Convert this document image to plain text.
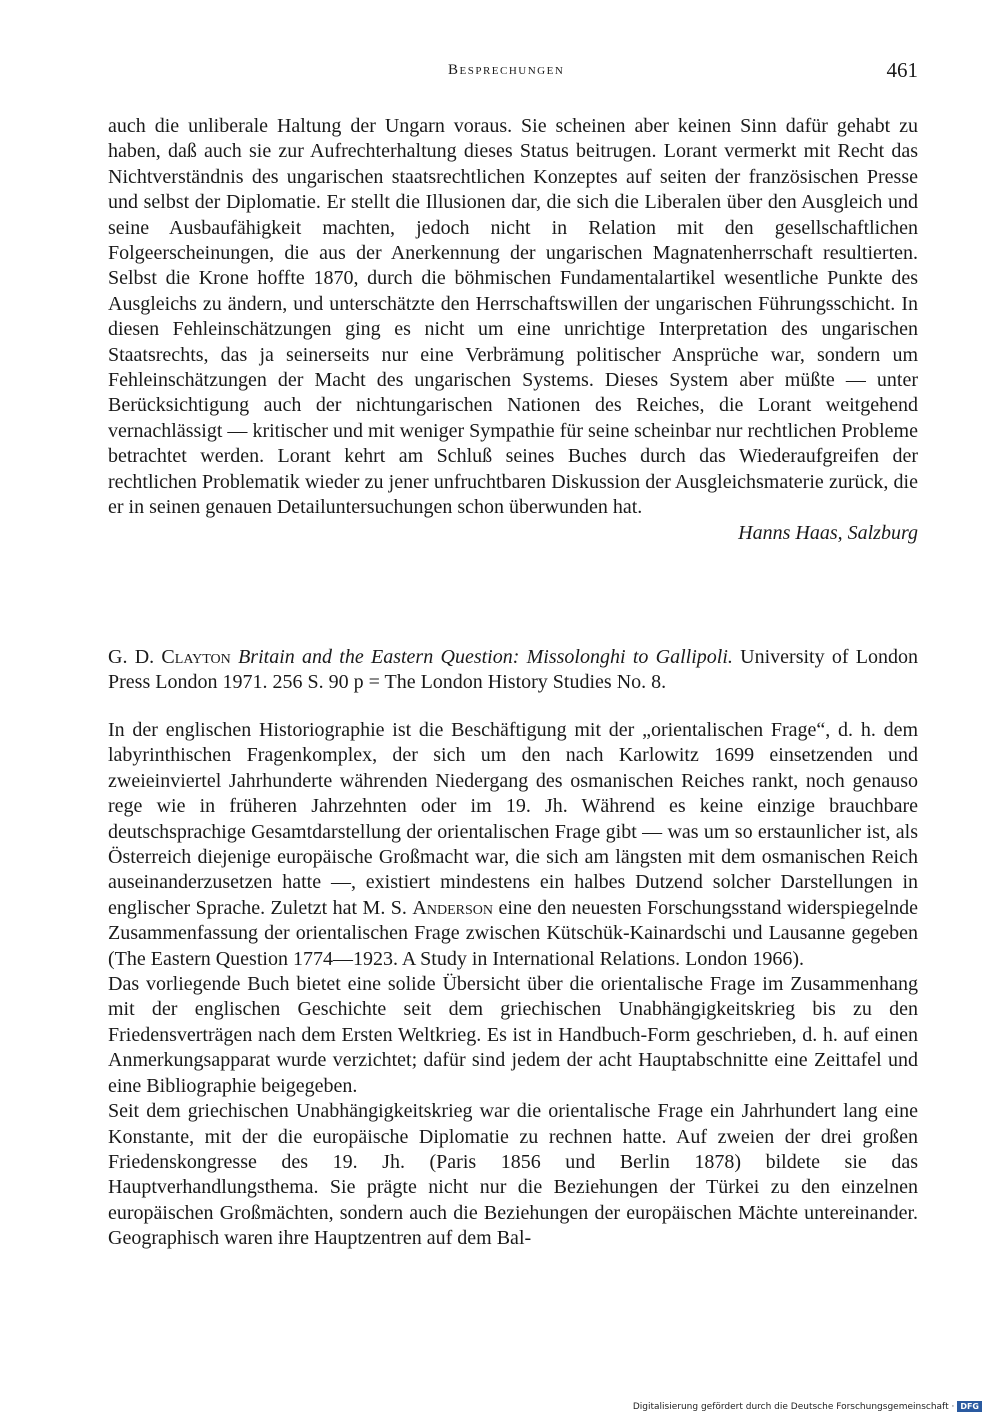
Besprechungen	461

auch die unliberale Haltung der Ungarn voraus. Sie scheinen aber keinen Sinn dafür gehabt zu haben, daß auch sie zur Aufrechterhaltung dieses Status beitrugen. Lorant vermerkt mit Recht das Nichtverständnis des ungarischen staatsrechtlichen Konzeptes auf seiten der französischen Presse und selbst der Diplomatie. Er stellt die Illusionen dar, die sich die Liberalen über den Ausgleich und seine Ausbaufähigkeit machten, jedoch nicht in Relation mit den gesellschaftlichen Folgeerscheinungen, die aus der Anerkennung der ungarischen Magnatenherrschaft resultierten. Selbst die Krone hoffte 1870, durch die böhmischen Fundamentalartikel wesentliche Punkte des Ausgleichs zu ändern, und unterschätzte den Herrschaftswillen der ungarischen Führungsschicht. In diesen Fehleinschätzungen ging es nicht um eine unrichtige Interpretation des ungarischen Staatsrechts, das ja seinerseits nur eine Verbrämung politischer Ansprüche war, sondern um Fehleinschätzungen der Macht des ungarischen Systems. Dieses System aber müßte — unter Berücksichtigung auch der nichtungarischen Nationen des Reiches, die Lorant weitgehend vernachlässigt — kritischer und mit weniger Sympathie für seine scheinbar nur rechtlichen Probleme betrachtet werden. Lorant kehrt am Schluß seines Buches durch das Wiederaufgreifen der rechtlichen Problematik wieder zu jener unfruchtbaren Diskussion der Ausgleichsmaterie zurück, die er in seinen genauen Detailuntersuchungen schon überwunden hat.

Hanns Haas, Salzburg

G. D. Clayton Britain and the Eastern Question: Missolonghi to Gallipoli. University of London Press London 1971. 256 S. 90 p = The London History Studies No. 8.

In der englischen Historiographie ist die Beschäftigung mit der „orientalischen Frage“, d. h. dem labyrinthischen Fragenkomplex, der sich um den nach Karlowitz 1699 einsetzenden und zweieinviertel Jahrhunderte währenden Niedergang des osmanischen Reiches rankt, noch genauso rege wie in früheren Jahrzehnten oder im 19. Jh. Während es keine einzige brauchbare deutschsprachige Gesamtdarstellung der orientalischen Frage gibt — was um so erstaunlicher ist, als Österreich diejenige europäische Großmacht war, die sich am längsten mit dem osmanischen Reich auseinanderzusetzen hatte —, existiert mindestens ein halbes Dutzend solcher Darstellungen in englischer Sprache. Zuletzt hat M. S. Anderson eine den neuesten Forschungsstand widerspiegelnde Zusammenfassung der orientalischen Frage zwischen Kütschük-Kainardschi und Lausanne gegeben (The Eastern Question 1774—1923. A Study in International Relations. London 1966).

Das vorliegende Buch bietet eine solide Übersicht über die orientalische Frage im Zusammenhang mit der englischen Geschichte seit dem griechischen Unabhängigkeitskrieg bis zu den Friedensverträgen nach dem Ersten Weltkrieg. Es ist in Handbuch-Form geschrieben, d. h. auf einen Anmerkungsapparat wurde verzichtet; dafür sind jedem der acht Hauptabschnitte eine Zeittafel und eine Bibliographie beigegeben.

Seit dem griechischen Unabhängigkeitskrieg war die orientalische Frage ein Jahrhundert lang eine Konstante, mit der die europäische Diplomatie zu rechnen hatte. Auf zweien der drei großen Friedenskongresse des 19. Jh. (Paris 1856 und Berlin 1878) bildete sie das Hauptverhandlungsthema. Sie prägte nicht nur die Beziehungen der Türkei zu den einzelnen europäischen Großmächten, sondern auch die Beziehungen der europäischen Mächte untereinander. Geographisch waren ihre Hauptzentren auf dem Bal-

Digitalisierung gefördert durch die Deutsche Forschungsgemeinschaft · DFG
